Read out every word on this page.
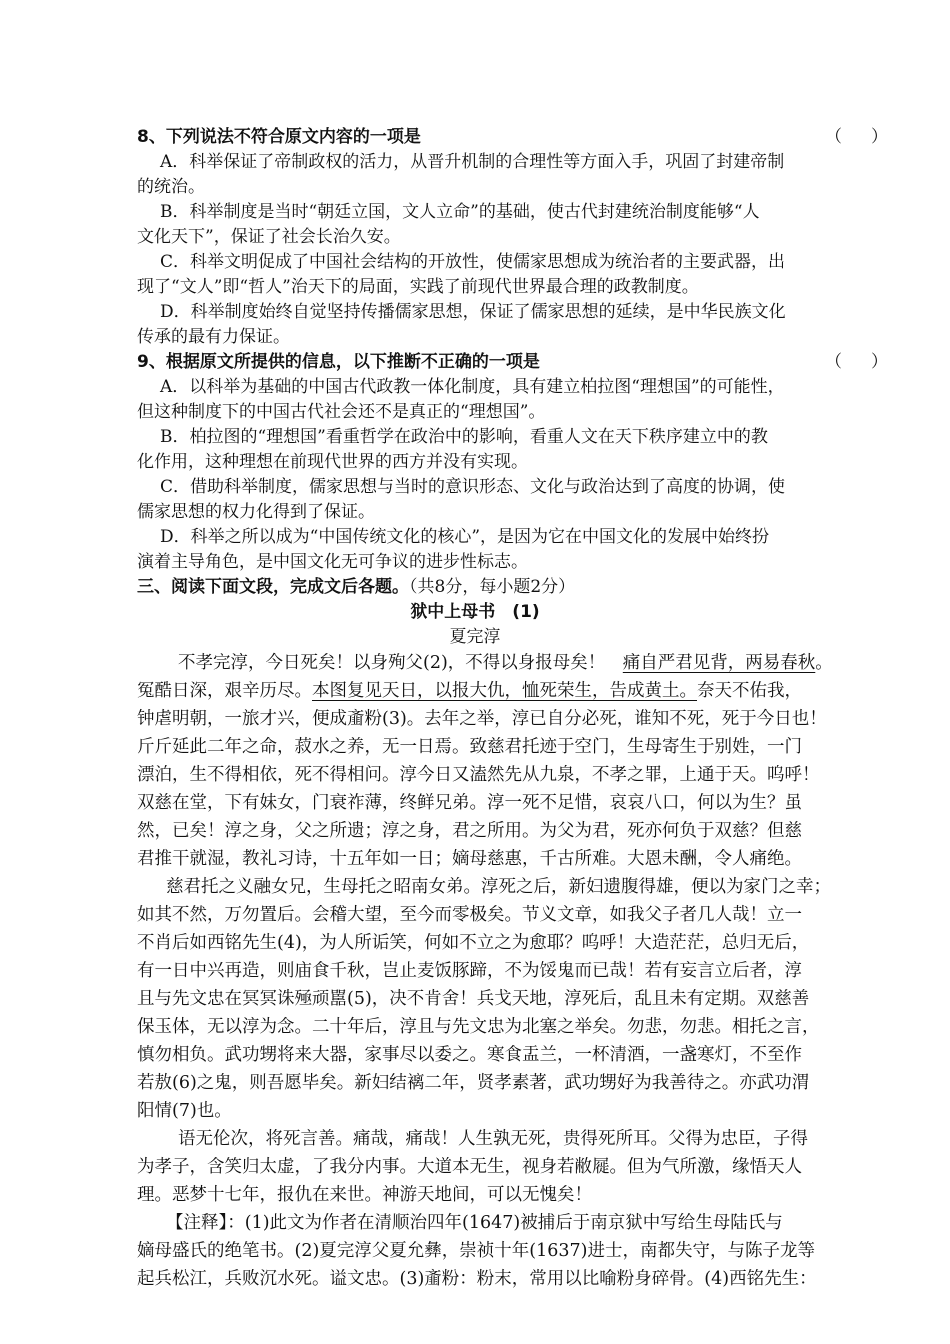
8、下列说法不符合原文内容的一项是	（　）
A．科举保证了帝制政权的活力，从晋升机制的合理性等方面入手，巩固了封建帝制
的统治。
B．科举制度是当时“朝廷立国，文人立命”的基础，使古代封建统治制度能够“人
文化天下”，保证了社会长治久安。
C．科举文明促成了中国社会结构的开放性，使儒家思想成为统治者的主要武器，出
现了“文人”即“哲人”治天下的局面，实践了前现代世界最合理的政教制度。
D．科举制度始终自觉坚持传播儒家思想，保证了儒家思想的延续，是中华民族文化
传承的最有力保证。
9、根据原文所提供的信息，以下推断不正确的一项是	（　）
A．以科举为基础的中国古代政教一体化制度，具有建立柏拉图“理想国”的可能性，
但这种制度下的中国古代社会还不是真正的“理想国”。
B．柏拉图的“理想国”看重哲学在政治中的影响，看重人文在天下秩序建立中的教
化作用，这种理想在前现代世界的西方并没有实现。
C．借助科举制度，儒家思想与当时的意识形态、文化与政治达到了高度的协调，使
儒家思想的权力化得到了保证。
D．科举之所以成为“中国传统文化的核心”，是因为它在中国文化的发展中始终扮
演着主导角色，是中国文化无可争议的进步性标志。
三、阅读下面文段，完成文后各题。（共8分，每小题2分）
狱中上母书　(1)
夏完淳
不孝完淳，今日死矣！以身殉父(2)，不得以身报母矣！　痛自严君见背，两易春秋。
冤酷日深，艰辛历尽。本图复见天日，以报大仇，恤死荣生，告成黄土。奈天不佑我，
钟虐明朝，一旅才兴，便成齑粉(3)。去年之举，淳已自分必死，谁知不死，死于今日也！
斤斤延此二年之命，菽水之养，无一日焉。致慈君托迹于空门，生母寄生于别姓，一门
漂泊，生不得相依，死不得相问。淳今日又溘然先从九泉，不孝之罪，上通于天。呜呼！
双慈在堂，下有妹女，门衰祚薄，终鲜兄弟。淳一死不足惜，哀哀八口，何以为生？虽
然，已矣！淳之身，父之所遗；淳之身，君之所用。为父为君，死亦何负于双慈？但慈
君推干就湿，教礼习诗，十五年如一日；嫡母慈惠，千古所难。大恩未酬，令人痛绝。
慈君托之义融女兄，生母托之昭南女弟。淳死之后，新妇遗腹得雄，便以为家门之幸；
如其不然，万勿置后。会稽大望，至今而零极矣。节义文章，如我父子者几人哉！立一
不肖后如西铭先生(4)，为人所诟笑，何如不立之为愈耶？呜呼！大造茫茫，总归无后，
有一日中兴再造，则庙食千秋，岂止麦饭豚蹄，不为馁鬼而已哉！若有妄言立后者，淳
且与先文忠在冥冥诛殛顽嚚(5)，决不肯舍！兵戈天地，淳死后，乱且未有定期。双慈善
保玉体，无以淳为念。二十年后，淳且与先文忠为北塞之举矣。勿悲，勿悲。相托之言，
慎勿相负。武功甥将来大器，家事尽以委之。寒食盂兰，一杯清酒，一盏寒灯，不至作
若敖(6)之鬼，则吾愿毕矣。新妇结褵二年，贤孝素著，武功甥好为我善待之。亦武功渭
阳情(7)也。
语无伦次，将死言善。痛哉，痛哉！人生孰无死，贵得死所耳。父得为忠臣，子得
为孝子，含笑归太虚，了我分内事。大道本无生，视身若敝屣。但为气所激，缘悟天人
理。恶梦十七年，报仇在来世。神游天地间，可以无愧矣！
【注释】：(1)此文为作者在清顺治四年(1647)被捕后于南京狱中写给生母陆氏与
嫡母盛氏的绝笔书。(2)夏完淳父夏允彝，崇祯十年(1637)进士，南都失守，与陈子龙等
起兵松江，兵败沉水死。谥文忠。(3)齑粉：粉末，常用以比喻粉身碎骨。(4)西铭先生：
